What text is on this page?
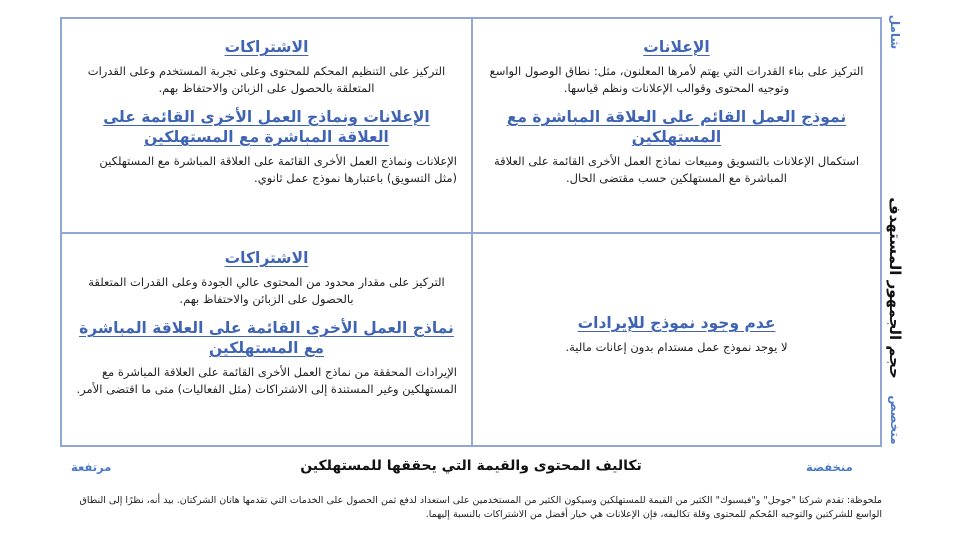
الاشتراكات
التركيز على التنظيم المحكم للمحتوى وعلى تجربة المستخدم وعلى القدرات المتعلقة بالحصول على الزبائن والاحتفاظ بهم.
الإعلانات ونماذج العمل الأخرى القائمة على العلاقة المباشرة مع المستهلكين
الإعلانات ونماذج العمل الأخرى القائمة على العلاقة المباشرة مع المستهلكين (مثل التسويق) باعتبارها نموذج عمل ثانوي.
الإعلانات
التركيز على بناء القدرات التي يهتم لأمرها المعلنون، مثل: نطاق الوصول الواسع وتوجيه المحتوى وقوالب الإعلانات ونظم قياسها.
نموذج العمل القائم على العلاقة المباشرة مع المستهلكين
استكمال الإعلانات بالتسويق ومبيعات نماذج العمل الأخرى القائمة على العلاقة المباشرة مع المستهلكين حسب مقتضى الحال.
الاشتراكات
التركيز على مقدار محدود من المحتوى عالي الجودة وعلى القدرات المتعلقة بالحصول على الزبائن والاحتفاظ بهم.
نماذج العمل الأخرى القائمة على العلاقة المباشرة مع المستهلكين
الإيرادات المحققة من نماذج العمل الأخرى القائمة على العلاقة المباشرة مع المستهلكين وغير المستندة إلى الاشتراكات (مثل الفعاليات) متى ما اقتضى الأمر.
عدم وجود نموذج للإيرادات
لا يوجد نموذج عمل مستدام بدون إعانات مالية.	حجم الجمهور المستهدف
شامل
متخصص
تكاليف المحتوى والقيمة التي يحققها للمستهلكين
مرتفعة	منخفضة
ملحوظة: تقدم شركتا "جوجل" و"فيسبوك" الكثير من القيمة للمستهلكين وسيكون الكثير من المستخدمين على استعداد لدفع ثمن الحصول على الخدمات التي تقدمها هاتان الشركتان. بيد أنه، نظرًا إلى النطاق الواسع للشركتين والتوجيه المُحكم للمحتوى وقلة تكاليفه، فإن الإعلانات هي خيار أفضل من الاشتراكات بالنسبة إليهما.
